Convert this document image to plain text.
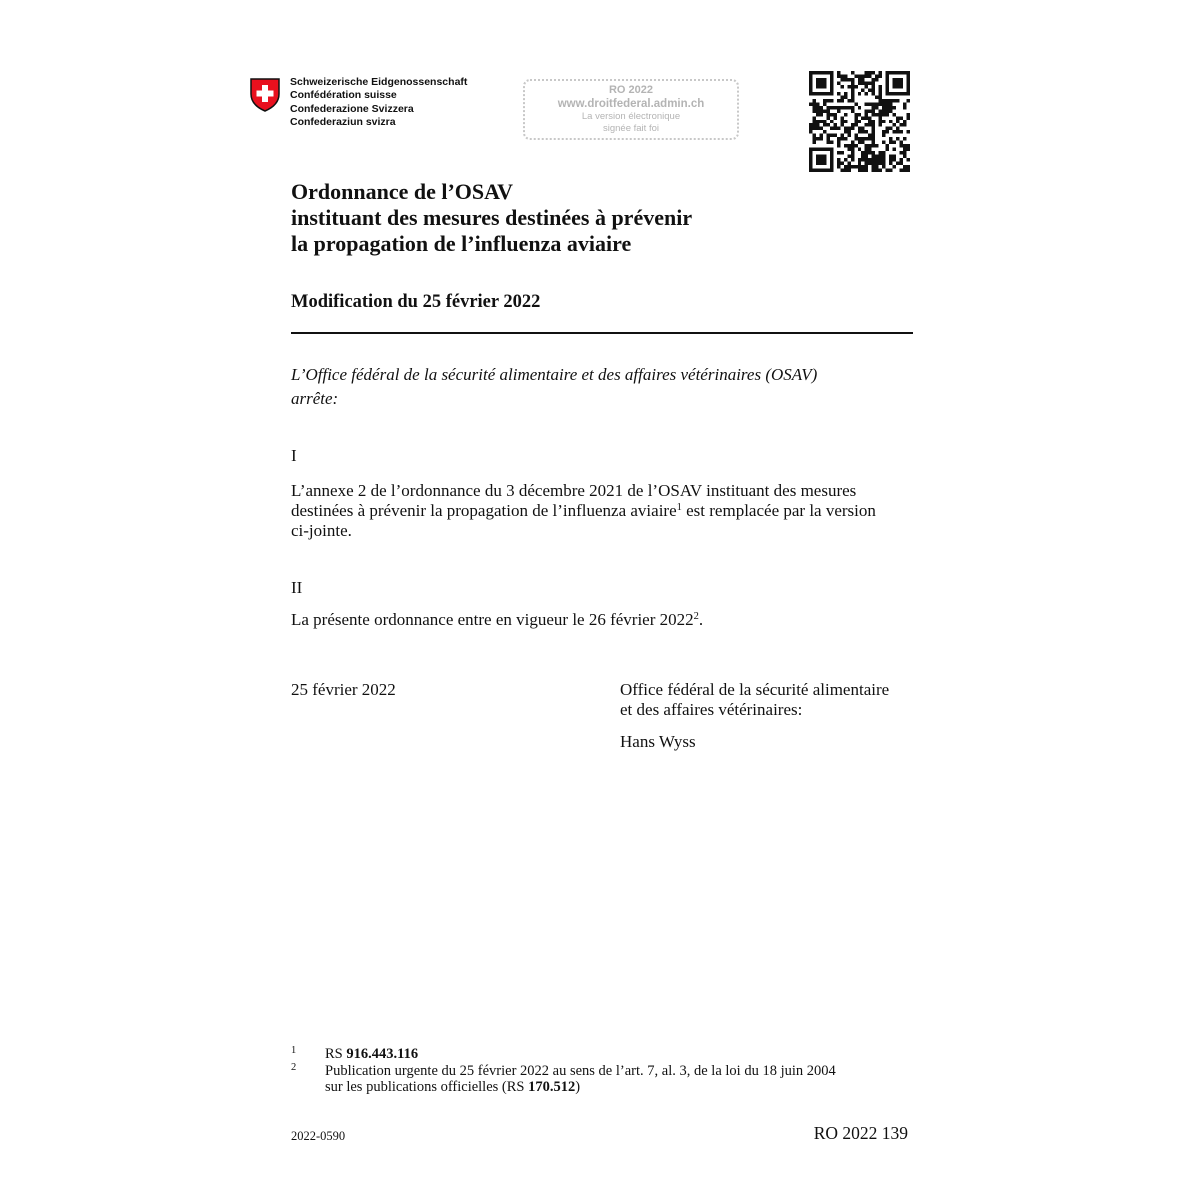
Schweizerische Eidgenossenschaft
Confédération suisse
Confederazione Svizzera
Confederaziun svizra
RO 2022
www.droitfederal.admin.ch
La version électronique
signée fait foi
Ordonnance de l’OSAV
instituant des mesures destinées à prévenir
la propagation de l’influenza aviaire
Modification du 25 février 2022
L’Office fédéral de la sécurité alimentaire et des affaires vétérinaires (OSAV)
arrête:
I
L’annexe 2 de l’ordonnance du 3 décembre 2021 de l’OSAV instituant des mesures
destinées à prévenir la propagation de l’influenza aviaire$^1$ est remplacée par la version
ci-jointe.
II
La présente ordonnance entre en vigueur le 26 février 2022$^2$.
25 février 2022	Office fédéral de la sécurité alimentaire
et des affaires vétérinaires:
Hans Wyss
1 RS 916.443.116
2 Publication urgente du 25 février 2022 au sens de l’art. 7, al. 3, de la loi du 18 juin 2004
sur les publications officielles (RS 170.512)
2022-0590	RO 2022 139
